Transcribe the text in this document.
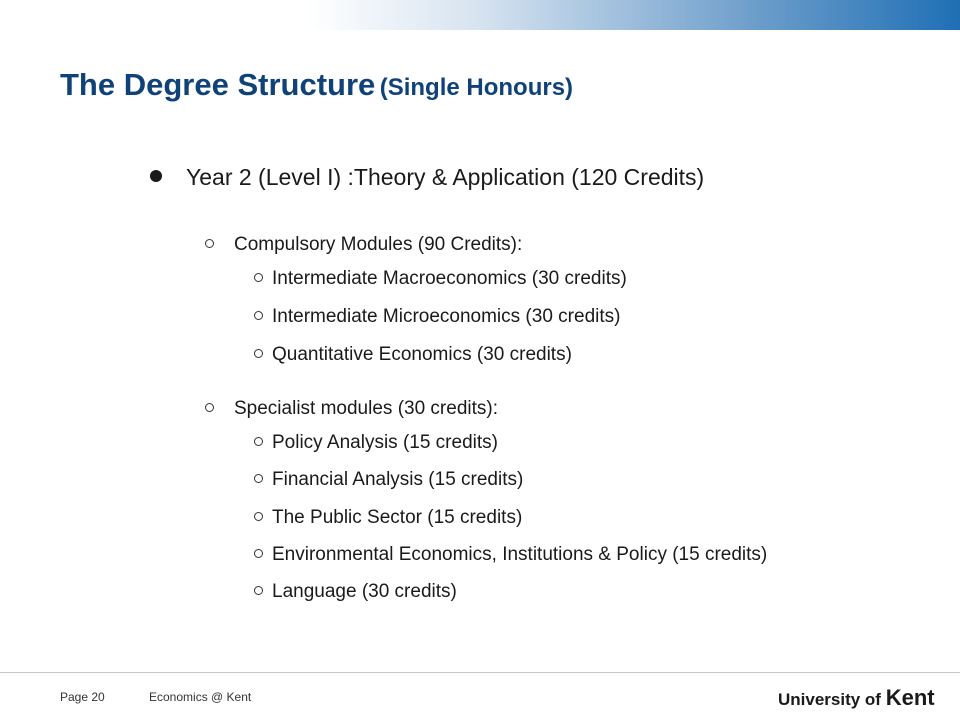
The Degree Structure (Single Honours)
Year 2 (Level I) :Theory & Application (120 Credits)
Compulsory Modules (90 Credits):
Intermediate Macroeconomics (30 credits)
Intermediate Microeconomics (30 credits)
Quantitative Economics (30 credits)
Specialist modules (30 credits):
Policy Analysis (15 credits)
Financial Analysis (15 credits)
The Public Sector (15 credits)
Environmental Economics, Institutions & Policy (15 credits)
Language (30 credits)
Page 20	Economics @ Kent	University of Kent
